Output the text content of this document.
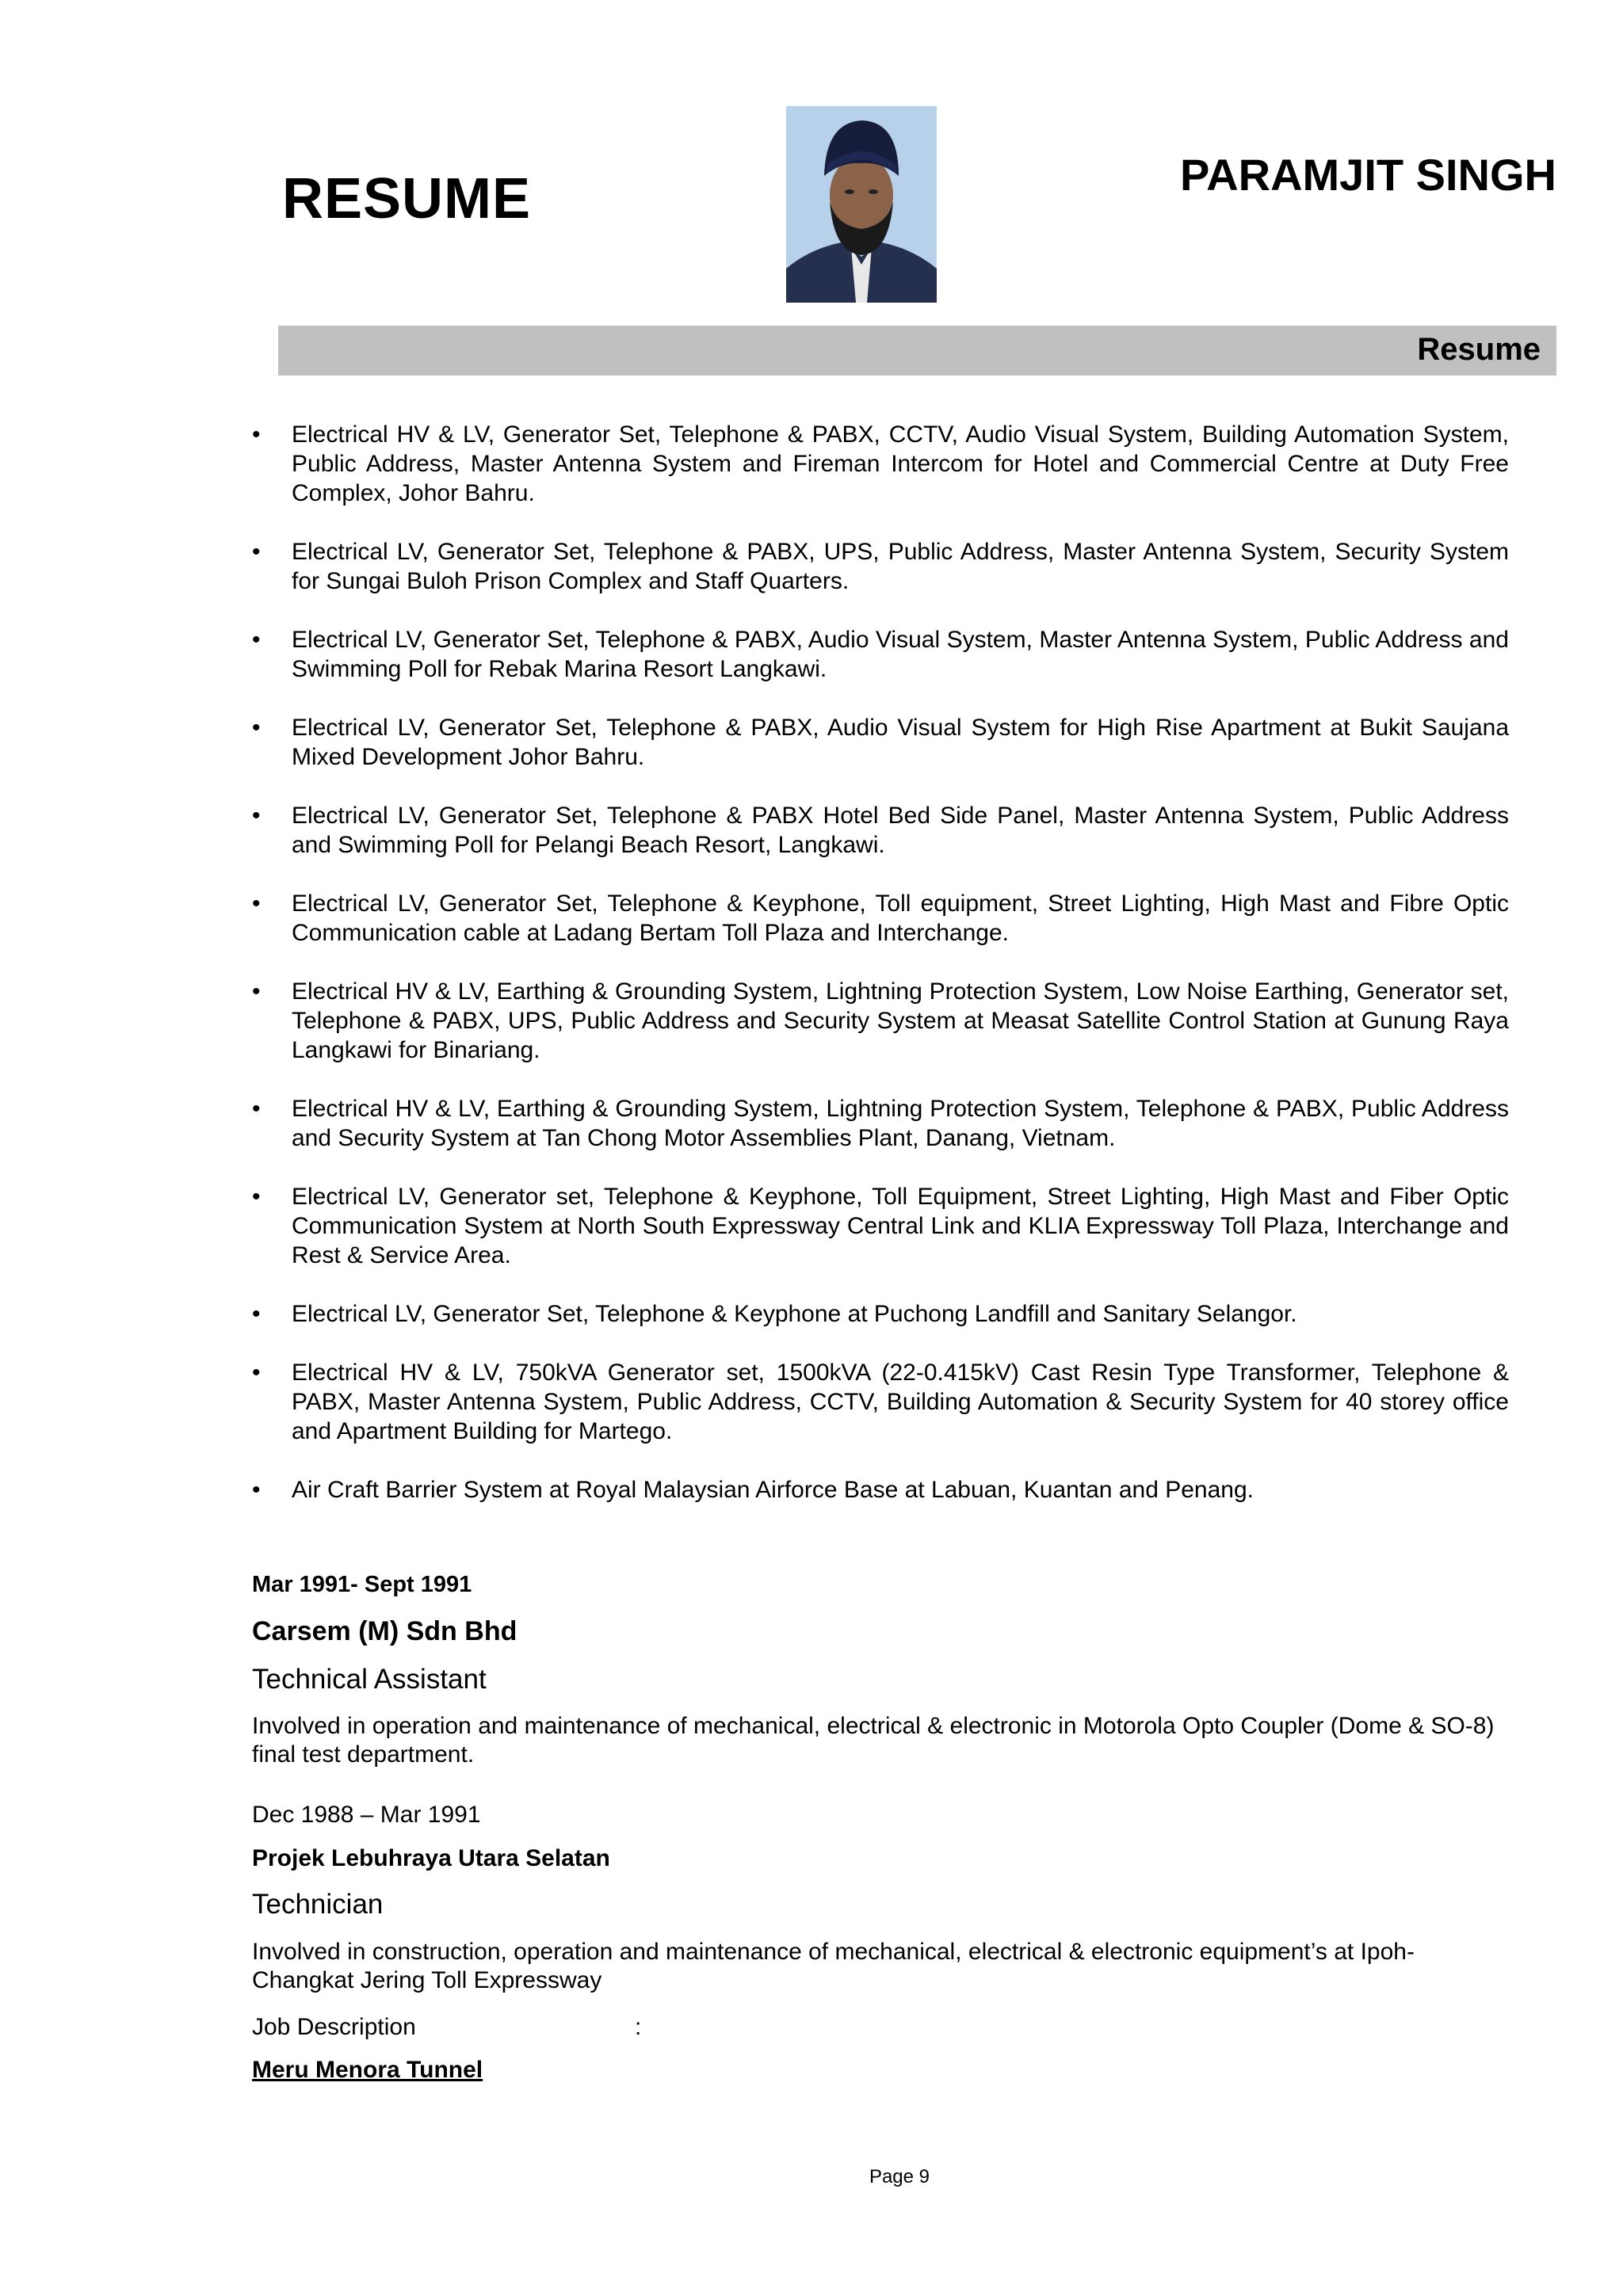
RESUME	PARAMJIT SINGH
Resume
• Electrical HV & LV, Generator Set, Telephone & PABX, CCTV, Audio Visual System, Building Automation System, Public Address, Master Antenna System and Fireman Intercom for Hotel and Commercial Centre at Duty Free Complex, Johor Bahru.
• Electrical LV, Generator Set, Telephone & PABX, UPS, Public Address, Master Antenna System, Security System for Sungai Buloh Prison Complex and Staff Quarters.
• Electrical LV, Generator Set, Telephone & PABX, Audio Visual System, Master Antenna System, Public Address and Swimming Poll for Rebak Marina Resort Langkawi.
• Electrical LV, Generator Set, Telephone & PABX, Audio Visual System for High Rise Apartment at Bukit Saujana Mixed Development Johor Bahru.
• Electrical LV, Generator Set, Telephone & PABX Hotel Bed Side Panel, Master Antenna System, Public Address and Swimming Poll for Pelangi Beach Resort, Langkawi.
• Electrical LV, Generator Set, Telephone & Keyphone, Toll equipment, Street Lighting, High Mast and Fibre Optic Communication cable at Ladang Bertam Toll Plaza and Interchange.
• Electrical HV & LV, Earthing & Grounding System, Lightning Protection System, Low Noise Earthing, Generator set, Telephone & PABX, UPS, Public Address and Security System at Measat Satellite Control Station at Gunung Raya Langkawi for Binariang.
• Electrical HV & LV, Earthing & Grounding System, Lightning Protection System, Telephone & PABX, Public Address and Security System at Tan Chong Motor Assemblies Plant, Danang, Vietnam.
• Electrical LV, Generator set, Telephone & Keyphone, Toll Equipment, Street Lighting, High Mast and Fiber Optic Communication System at North South Expressway Central Link and KLIA Expressway Toll Plaza, Interchange and Rest & Service Area.
• Electrical LV, Generator Set, Telephone & Keyphone at Puchong Landfill and Sanitary Selangor.
• Electrical HV & LV, 750kVA Generator set, 1500kVA (22-0.415kV) Cast Resin Type Transformer, Telephone & PABX, Master Antenna System, Public Address, CCTV, Building Automation & Security System for 40 storey office and Apartment Building for Martego.
• Air Craft Barrier System at Royal Malaysian Airforce Base at Labuan, Kuantan and Penang.
Mar 1991- Sept 1991
Carsem (M) Sdn Bhd
Technical Assistant
Involved in operation and maintenance of mechanical, electrical & electronic in Motorola Opto Coupler (Dome & SO-8) final test department.
Dec 1988 – Mar 1991
Projek Lebuhraya Utara Selatan
Technician
Involved in construction, operation and maintenance of mechanical, electrical & electronic equipment’s at Ipoh-Changkat Jering Toll Expressway
Job Description	:
Meru Menora Tunnel
Page 9
